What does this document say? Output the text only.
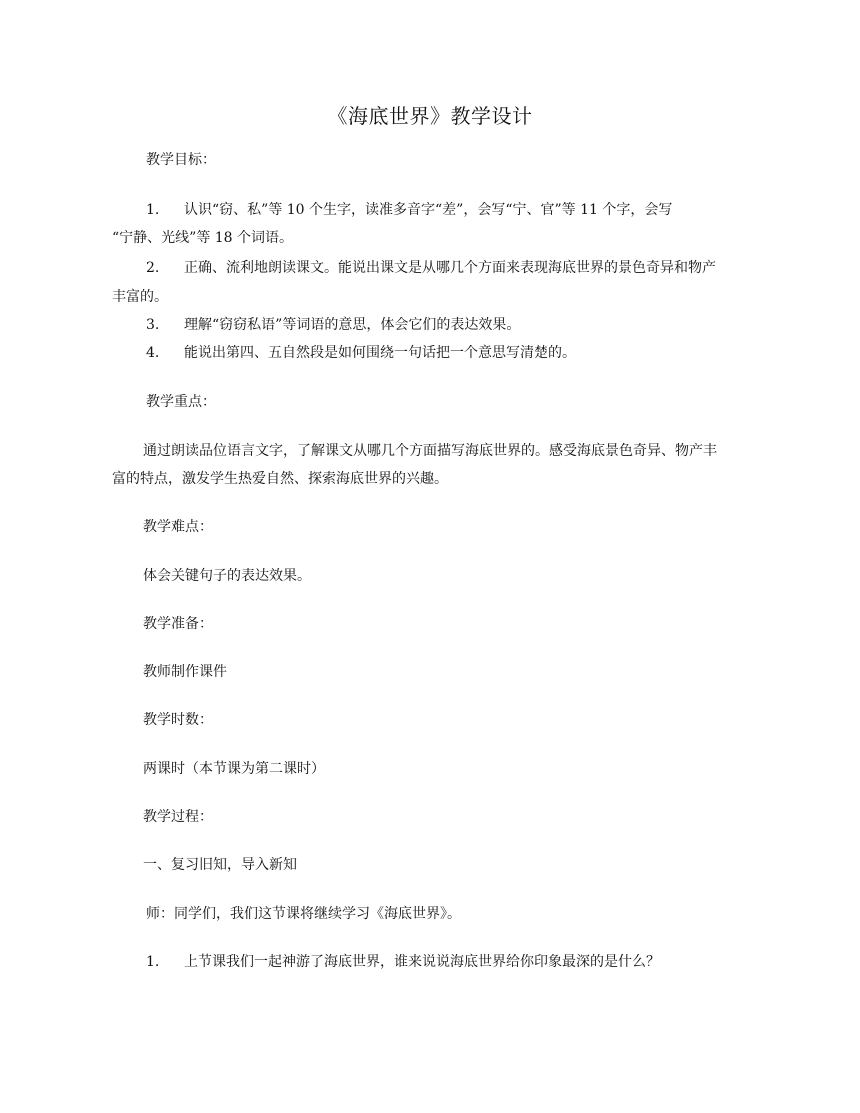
《海底世界》教学设计
教学目标：
1. 认识“窃、私”等 10 个生字，读准多音字“差”，会写“宁、官”等 11 个字，会写
“宁静、光线”等 18 个词语。
2. 正确、流利地朗读课文。能说出课文是从哪几个方面来表现海底世界的景色奇异和物产
丰富的。
3. 理解“窃窃私语”等词语的意思，体会它们的表达效果。
4. 能说出第四、五自然段是如何围绕一句话把一个意思写清楚的。
教学重点：
通过朗读品位语言文字，了解课文从哪几个方面描写海底世界的。感受海底景色奇异、物产丰
富的特点，激发学生热爱自然、探索海底世界的兴趣。
教学难点：
体会关键句子的表达效果。
教学准备：
教师制作课件
教学时数：
两课时（本节课为第二课时）
教学过程：
一、复习旧知，导入新知
师：同学们，我们这节课将继续学习《海底世界》。
1. 上节课我们一起神游了海底世界，谁来说说海底世界给你印象最深的是什么？
